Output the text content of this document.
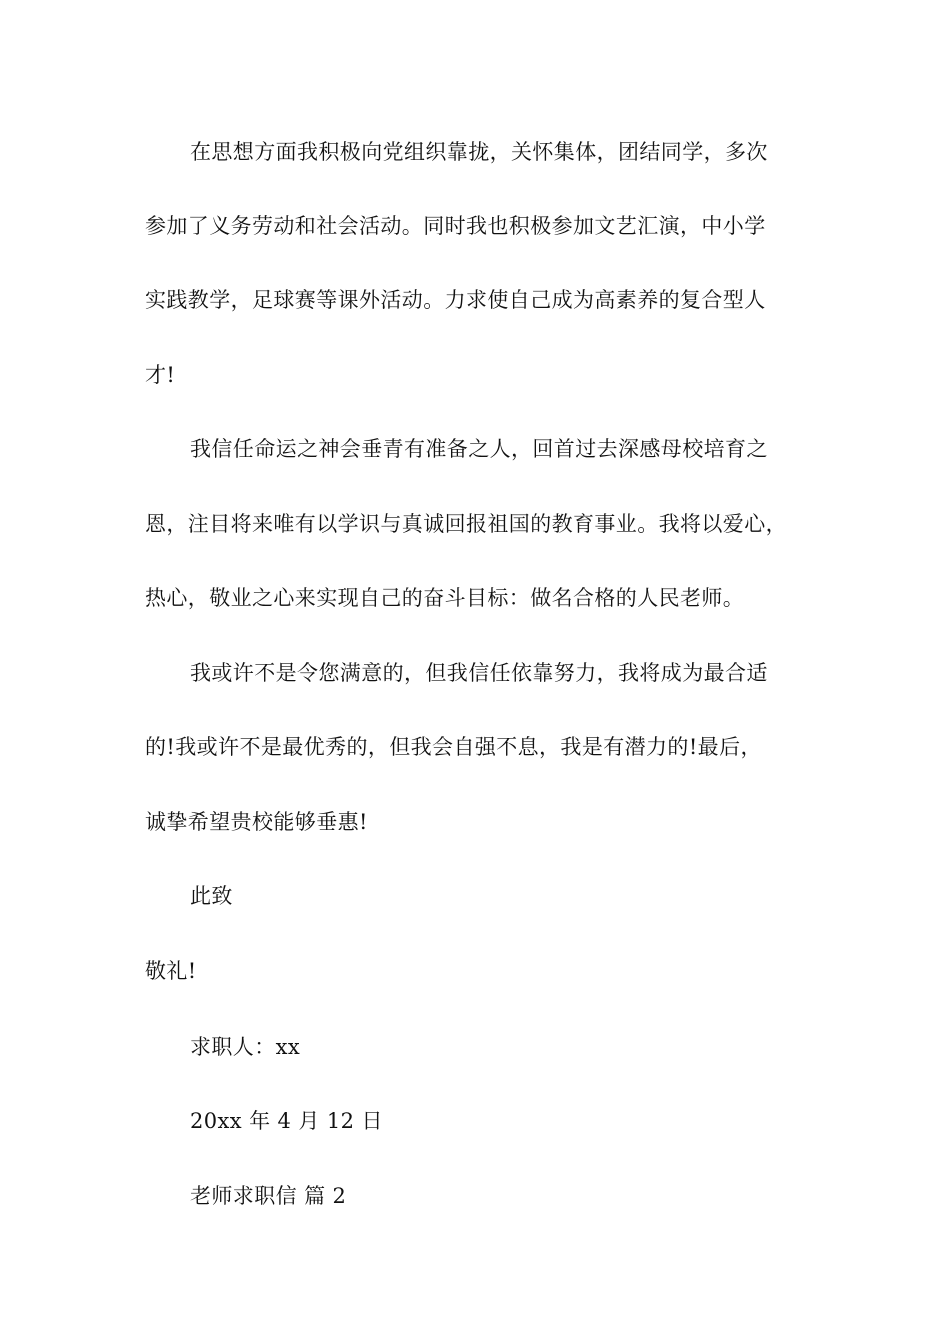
在思想方面我积极向党组织靠拢，关怀集体，团结同学，多次
参加了义务劳动和社会活动。同时我也积极参加文艺汇演，中小学
实践教学，足球赛等课外活动。力求使自己成为高素养的复合型人
才!
我信任命运之神会垂青有准备之人，回首过去深感母校培育之
恩，注目将来唯有以学识与真诚回报祖国的教育事业。我将以爱心，
热心，敬业之心来实现自己的奋斗目标：做名合格的人民老师。
我或许不是令您满意的，但我信任依靠努力，我将成为最合适
的!我或许不是最优秀的，但我会自强不息，我是有潜力的!最后，
诚挚希望贵校能够垂惠!
此致
敬礼!
求职人：xx
20xx 年 4 月 12 日
老师求职信 篇 2
